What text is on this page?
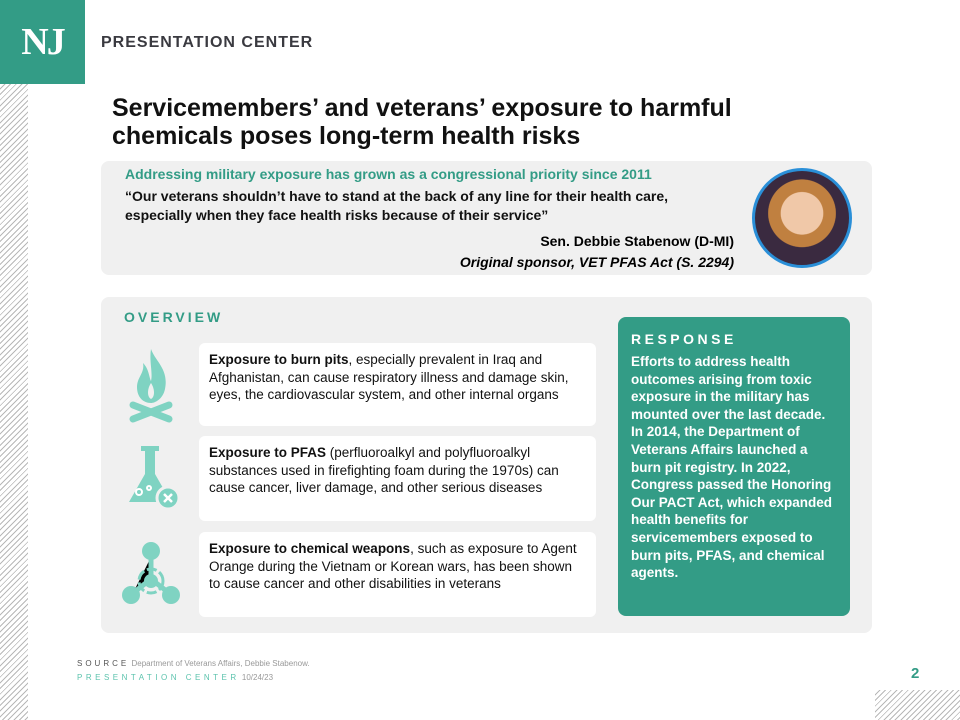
NJ	PRESENTATION CENTER
Servicemembers’ and veterans’ exposure to harmful chemicals poses long-term health risks
Addressing military exposure has grown as a congressional priority since 2011
“Our veterans shouldn’t have to stand at the back of any line for their health care, especially when they face health risks because of their service”
Sen. Debbie Stabenow (D-MI)
Original sponsor, VET PFAS Act (S. 2294)
OVERVIEW
Exposure to burn pits, especially prevalent in Iraq and Afghanistan, can cause respiratory illness and damage skin, eyes, the cardiovascular system, and other internal organs
Exposure to PFAS (perfluoroalkyl and polyfluoroalkyl substances used in firefighting foam during the 1970s) can cause cancer, liver damage, and other serious diseases
Exposure to chemical weapons, such as exposure to Agent Orange during the Vietnam or Korean wars, has been shown to cause cancer and other disabilities in veterans
RESPONSE

Efforts to address health outcomes arising from toxic exposure in the military has mounted over the last decade. In 2014, the Department of Veterans Affairs launched a burn pit registry. In 2022, Congress passed the Honoring Our PACT Act, which expanded health benefits for servicemembers exposed to burn pits, PFAS, and chemical agents.

SOURCE Department of Veterans Affairs, Debbie Stabenow.
PRESENTATION CENTER 10/24/23	2
